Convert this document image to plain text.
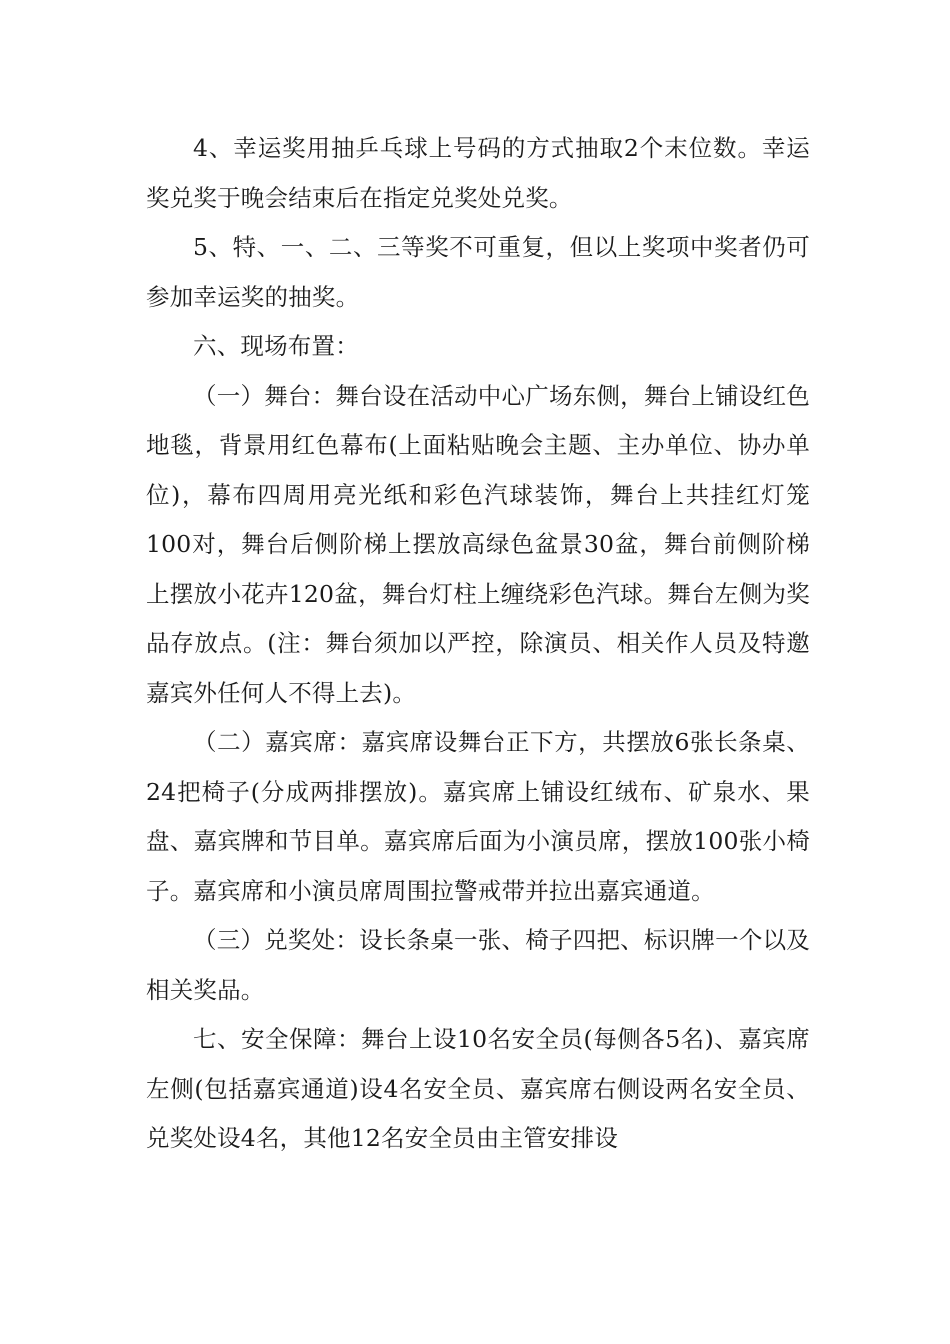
4、幸运奖用抽乒乓球上号码的方式抽取2个末位数。幸运奖兑奖于晚会结束后在指定兑奖处兑奖。

5、特、一、二、三等奖不可重复，但以上奖项中奖者仍可参加幸运奖的抽奖。

六、现场布置：

（一）舞台：舞台设在活动中心广场东侧，舞台上铺设红色地毯，背景用红色幕布(上面粘贴晚会主题、主办单位、协办单位)，幕布四周用亮光纸和彩色汽球装饰，舞台上共挂红灯笼100对，舞台后侧阶梯上摆放高绿色盆景30盆，舞台前侧阶梯上摆放小花卉120盆，舞台灯柱上缠绕彩色汽球。舞台左侧为奖品存放点。(注：舞台须加以严控，除演员、相关作人员及特邀嘉宾外任何人不得上去)。

（二）嘉宾席：嘉宾席设舞台正下方，共摆放6张长条桌、24把椅子(分成两排摆放)。嘉宾席上铺设红绒布、矿泉水、果盘、嘉宾牌和节目单。嘉宾席后面为小演员席，摆放100张小椅子。嘉宾席和小演员席周围拉警戒带并拉出嘉宾通道。

（三）兑奖处：设长条桌一张、椅子四把、标识牌一个以及相关奖品。

七、安全保障：舞台上设10名安全员(每侧各5名)、嘉宾席左侧(包括嘉宾通道)设4名安全员、嘉宾席右侧设两名安全员、兑奖处设4名，其他12名安全员由主管安排设
